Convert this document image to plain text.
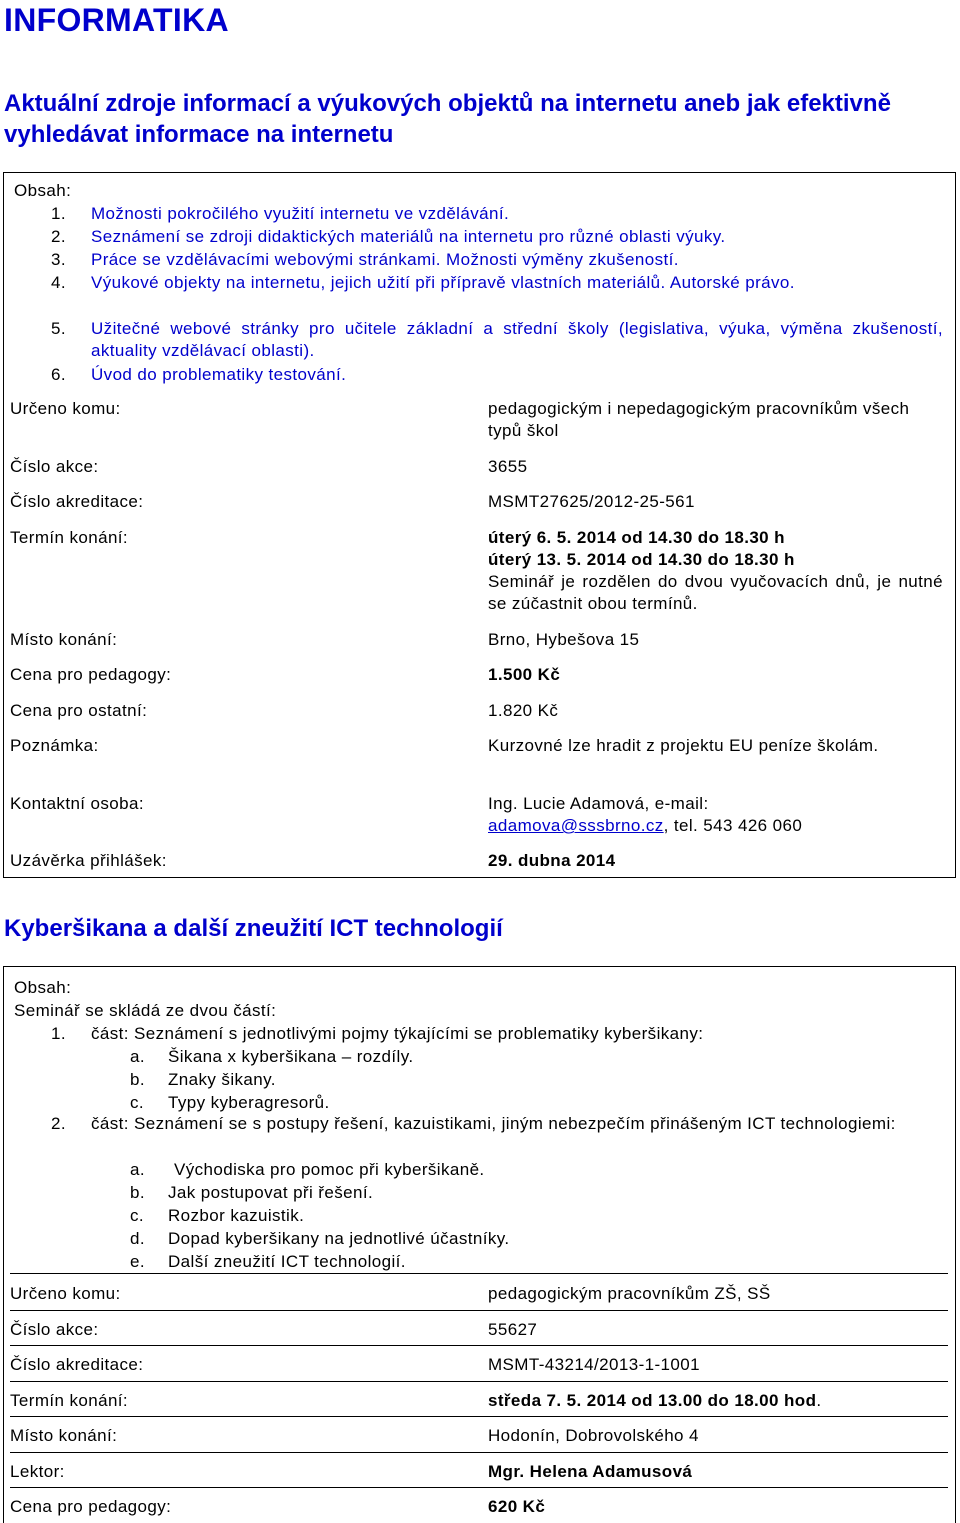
INFORMATIKA
Aktuální zdroje informací a výukových objektů na internetu aneb jak efektivně vyhledávat informace na internetu
Obsah:
1. Možnosti pokročilého využití internetu ve vzdělávání.
2. Seznámení se zdroji didaktických materiálů na internetu pro různé oblasti výuky.
3. Práce se vzdělávacími webovými stránkami. Možnosti výměny zkušeností.
4. Výukové objekty na internetu, jejich užití při přípravě vlastních materiálů. Autorské právo.
5. Užitečné webové stránky pro učitele základní a střední školy (legislativa, výuka, výměna zkušeností, aktuality vzdělávací oblasti).
6. Úvod do problematiky testování.
Určeno komu:	pedagogickým i nepedagogickým pracovníkům všech typů škol
Číslo akce:	3655
Číslo akreditace:	MSMT27625/2012-25-561
Termín konání:	úterý 6. 5. 2014 od 14.30 do 18.30 h
úterý 13. 5. 2014 od 14.30 do 18.30 h
Seminář je rozdělen do dvou vyučovacích dnů, je nutné se zúčastnit obou termínů.
Místo konání:	Brno, Hybešova 15
Cena pro pedagogy:	1.500 Kč
Cena pro ostatní:	1.820 Kč
Poznámka:	Kurzovné lze hradit z projektu EU peníze školám.
Kontaktní osoba:	Ing. Lucie Adamová, e-mail:
adamova@sssbrno.cz, tel. 543 426 060
Uzávěrka přihlášek:	29. dubna 2014
Kyberšikana a další zneužití ICT technologií
Obsah:
Seminář se skládá ze dvou částí:
1. část: Seznámení s jednotlivými pojmy týkajícími se problematiky kyberšikany:
a. Šikana x kyberšikana – rozdíly.
b. Znaky šikany.
c. Typy kyberagresorů.
2. část: Seznámení se s postupy řešení, kazuistikami, jiným nebezpečím přinášeným ICT technologiemi:
a. Východiska pro pomoc při kyberšikaně.
b. Jak postupovat při řešení.
c. Rozbor kazuistik.
d. Dopad kyberšikany na jednotlivé účastníky.
e. Další zneužití ICT technologií.
Určeno komu:	pedagogickým pracovníkům ZŠ, SŠ
Číslo akce:	55627
Číslo akreditace:	MSMT-43214/2013-1-1001
Termín konání:	středa 7. 5. 2014 od 13.00 do 18.00 hod.
Místo konání:	Hodonín, Dobrovolského 4
Lektor:	Mgr. Helena Adamusová
Cena pro pedagogy:	620 Kč
